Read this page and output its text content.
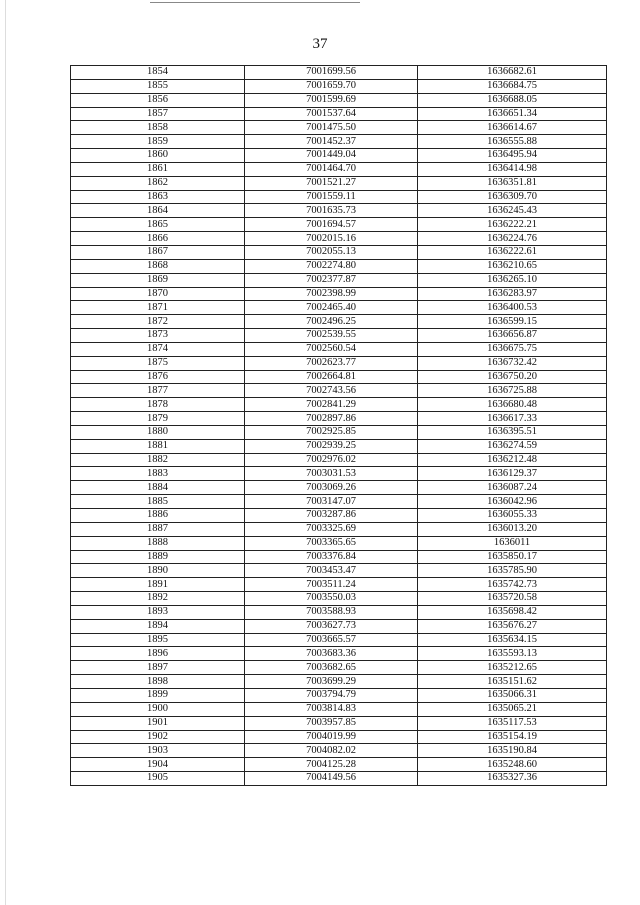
37
1854	7001699.56	1636682.61
1855	7001659.70	1636684.75
1856	7001599.69	1636688.05
1857	7001537.64	1636651.34
1858	7001475.50	1636614.67
1859	7001452.37	1636555.88
1860	7001449.04	1636495.94
1861	7001464.70	1636414.98
1862	7001521.27	1636351.81
1863	7001559.11	1636309.70
1864	7001635.73	1636245.43
1865	7001694.57	1636222.21
1866	7002015.16	1636224.76
1867	7002055.13	1636222.61
1868	7002274.80	1636210.65
1869	7002377.87	1636265.10
1870	7002398.99	1636283.97
1871	7002465.40	1636400.53
1872	7002496.25	1636599.15
1873	7002539.55	1636656.87
1874	7002560.54	1636675.75
1875	7002623.77	1636732.42
1876	7002664.81	1636750.20
1877	7002743.56	1636725.88
1878	7002841.29	1636680.48
1879	7002897.86	1636617.33
1880	7002925.85	1636395.51
1881	7002939.25	1636274.59
1882	7002976.02	1636212.48
1883	7003031.53	1636129.37
1884	7003069.26	1636087.24
1885	7003147.07	1636042.96
1886	7003287.86	1636055.33
1887	7003325.69	1636013.20
1888	7003365.65	1636011
1889	7003376.84	1635850.17
1890	7003453.47	1635785.90
1891	7003511.24	1635742.73
1892	7003550.03	1635720.58
1893	7003588.93	1635698.42
1894	7003627.73	1635676.27
1895	7003665.57	1635634.15
1896	7003683.36	1635593.13
1897	7003682.65	1635212.65
1898	7003699.29	1635151.62
1899	7003794.79	1635066.31
1900	7003814.83	1635065.21
1901	7003957.85	1635117.53
1902	7004019.99	1635154.19
1903	7004082.02	1635190.84
1904	7004125.28	1635248.60
1905	7004149.56	1635327.36
